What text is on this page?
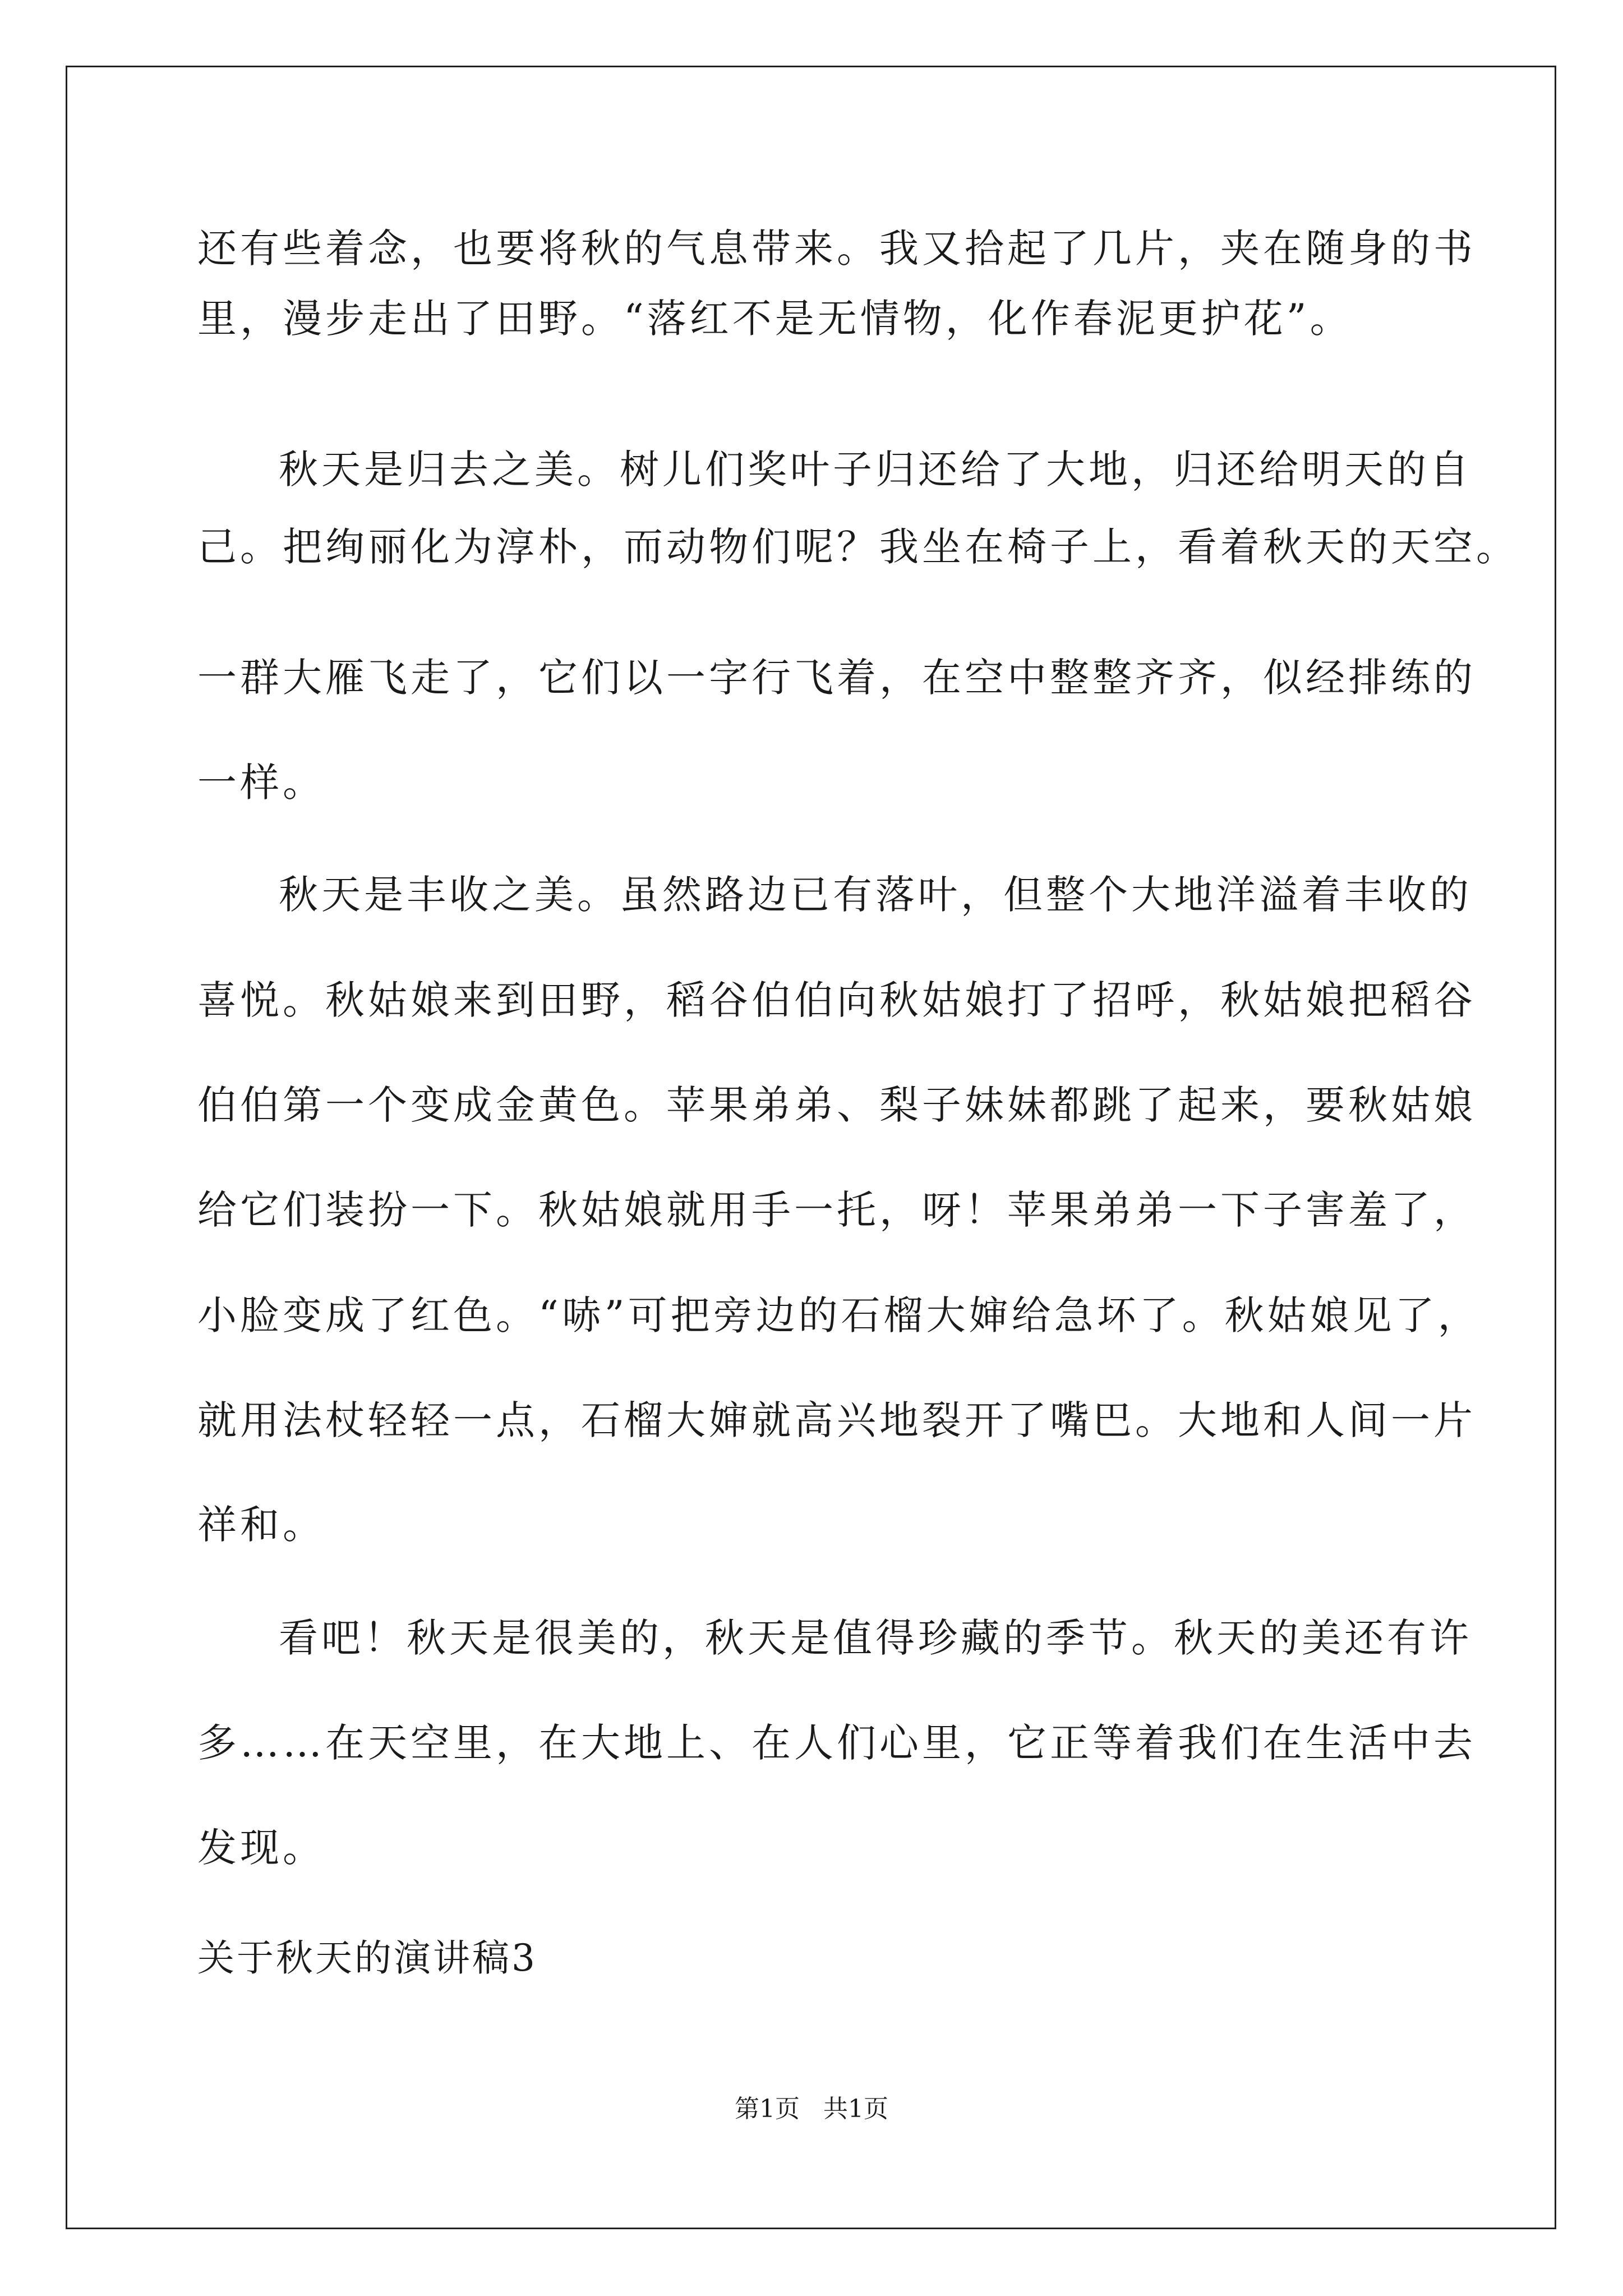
还有些着念，也要将秋的气息带来。我又拾起了几片，夹在随身的书
里，漫步走出了田野。“落红不是无情物，化作春泥更护花”。
秋天是归去之美。树儿们奖叶子归还给了大地，归还给明天的自
己。把绚丽化为淳朴，而动物们呢？我坐在椅子上，看着秋天的天空。
一群大雁飞走了，它们以一字行飞着，在空中整整齐齐，似经排练的
一样。
秋天是丰收之美。虽然路边已有落叶，但整个大地洋溢着丰收的
喜悦。秋姑娘来到田野，稻谷伯伯向秋姑娘打了招呼，秋姑娘把稻谷
伯伯第一个变成金黄色。苹果弟弟、梨子妹妹都跳了起来，要秋姑娘
给它们装扮一下。秋姑娘就用手一托，呀！苹果弟弟一下子害羞了，
小脸变成了红色。“哧”可把旁边的石榴大婶给急坏了。秋姑娘见了，
就用法杖轻轻一点，石榴大婶就高兴地裂开了嘴巴。大地和人间一片
祥和。
看吧！秋天是很美的，秋天是值得珍藏的季节。秋天的美还有许
多……在天空里，在大地上、在人们心里，它正等着我们在生活中去
发现。
关于秋天的演讲稿3
第1页   共1页
